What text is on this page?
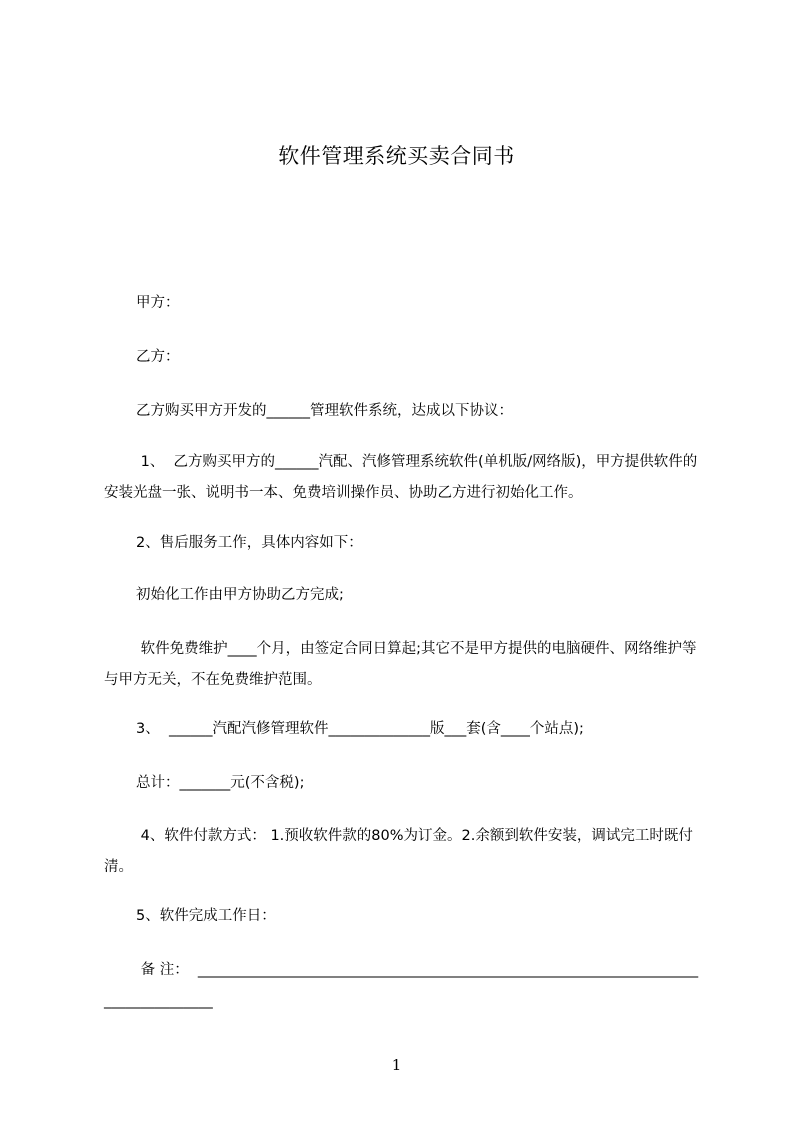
软件管理系统买卖合同书
甲方：
乙方：
乙方购买甲方开发的______管理软件系统，达成以下协议：
1、  乙方购买甲方的______汽配、汽修管理系统软件(单机版/网络版)，甲方提供软件的安装光盘一张、说明书一本、免费培训操作员、协助乙方进行初始化工作。
2、售后服务工作，具体内容如下：
初始化工作由甲方协助乙方完成;
软件免费维护____个月，由签定合同日算起;其它不是甲方提供的电脑硬件、网络维护等与甲方无关，不在免费维护范围。
3、  ______汽配汽修管理软件______________版___套(含____个站点);
总计：_______元(不含税);
4、软件付款方式： 1.预收软件款的80%为订金。2.余额到软件安装，调试完工时既付清。
5、软件完成工作日：
备 注：  ____________________________________________________________________________________
1
